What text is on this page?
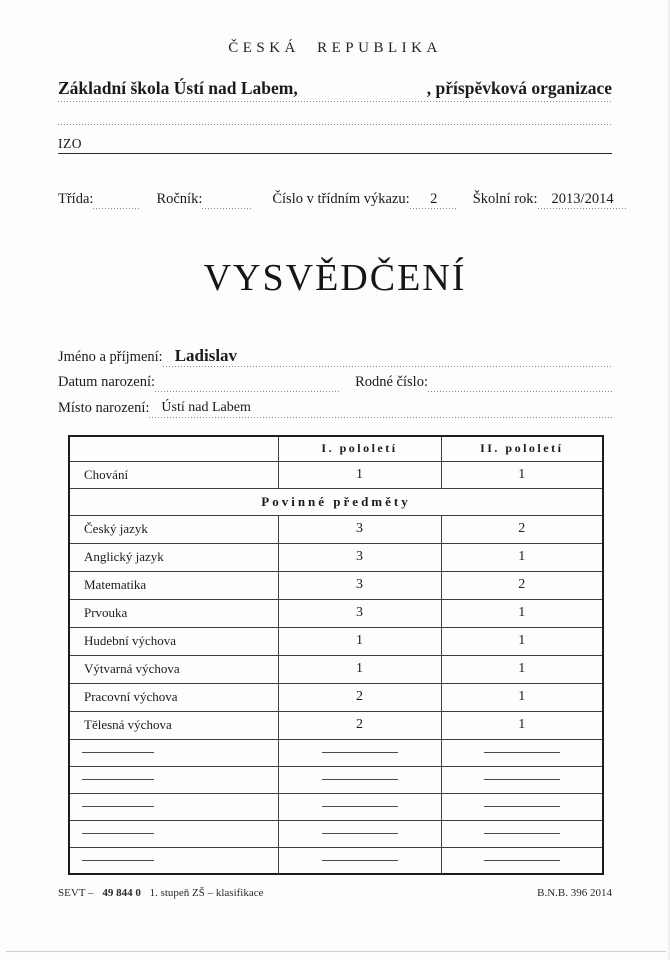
ČESKÁ REPUBLIKA
Základní škola Ústí nad Labem,	, příspěvková organizace
IZO
Třída:	Ročník:	Číslo v třídním výkazu:	2	Školní rok: 2013/2014
VYSVĚDČENÍ
Jméno a příjmení: Ladislav
Datum narození:	Rodné číslo:
Místo narození: Ústí nad Labem
	I. pololetí	II. pololetí
Chování	1	1
Povinné předměty		
Český jazyk	3	2
Anglický jazyk	3	1
Matematika	3	2
Prvouka	3	1
Hudební výchova	1	1
Výtvarná výchova	1	1
Pracovní výchova	2	1
Tělesná výchova	2	1

SEVT – 49 844 0 1. stupeň ZŠ – klasifikace	B.N.B. 396 2014
